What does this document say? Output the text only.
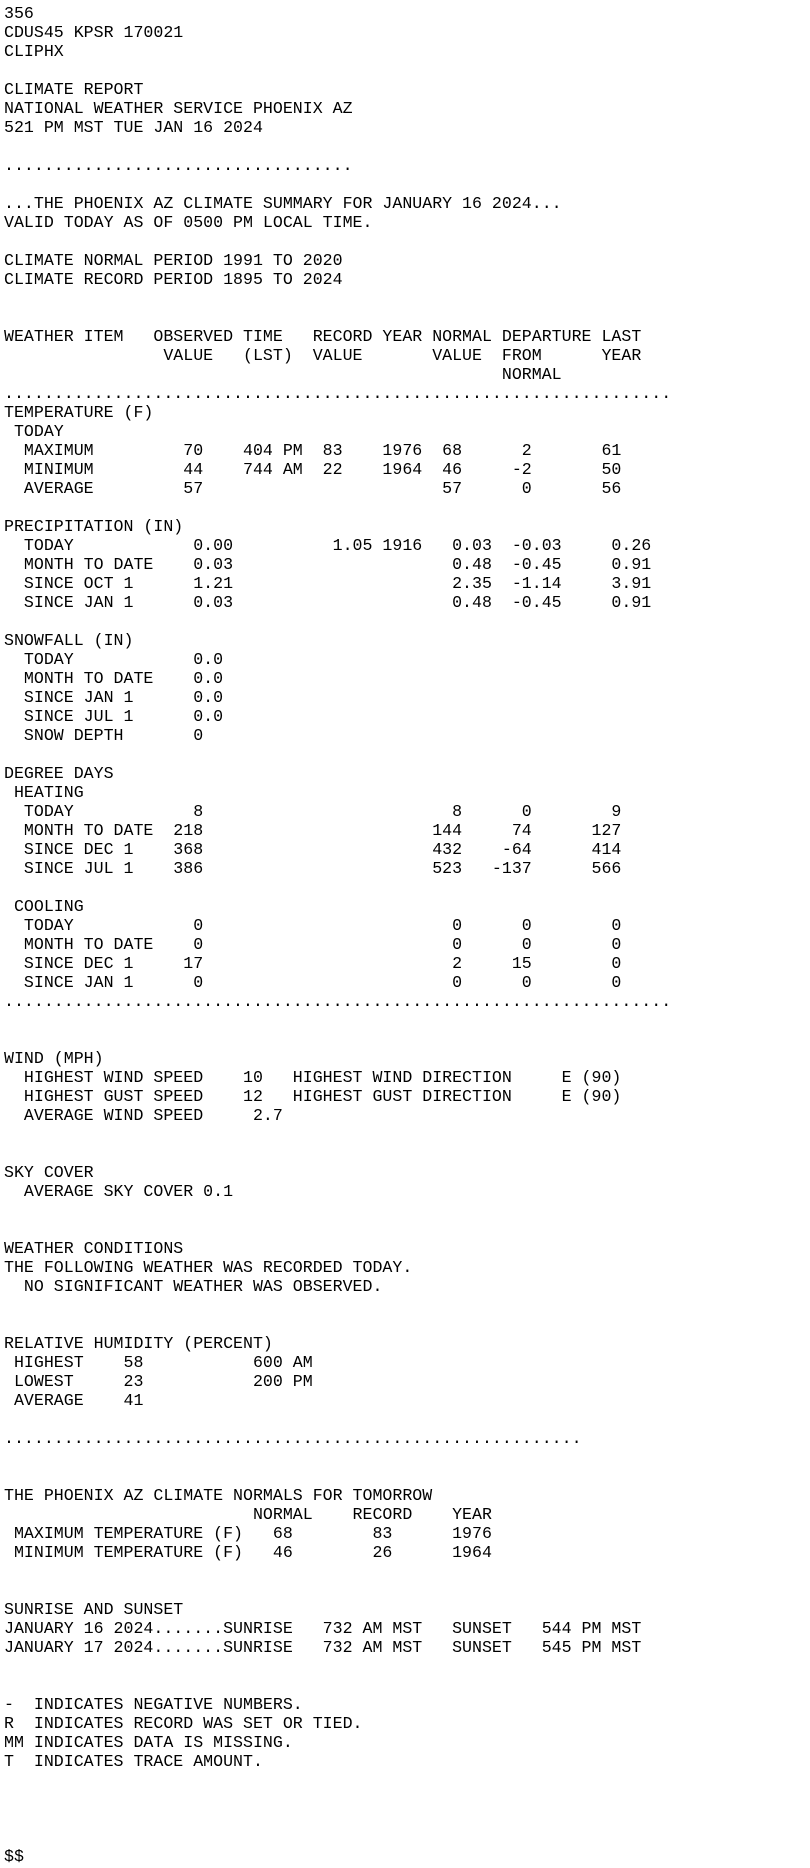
356
CDUS45 KPSR 170021
CLIPHX
CLIMATE REPORT
NATIONAL WEATHER SERVICE PHOENIX AZ
521 PM MST TUE JAN 16 2024
...................................
...THE PHOENIX AZ CLIMATE SUMMARY FOR JANUARY 16 2024...
VALID TODAY AS OF 0500 PM LOCAL TIME.
CLIMATE NORMAL PERIOD 1991 TO 2020
CLIMATE RECORD PERIOD 1895 TO 2024
WEATHER ITEM   OBSERVED TIME   RECORD YEAR NORMAL DEPARTURE LAST
VALUE   (LST)  VALUE       VALUE  FROM      YEAR
NORMAL
...................................................................
TEMPERATURE (F)
TODAY
MAXIMUM         70    404 PM  83    1976  68      2       61
MINIMUM         44    744 AM  22    1964  46     -2       50
AVERAGE         57                        57      0       56
PRECIPITATION (IN)
TODAY            0.00          1.05 1916   0.03  -0.03     0.26
MONTH TO DATE    0.03                      0.48  -0.45     0.91
SINCE OCT 1      1.21                      2.35  -1.14     3.91
SINCE JAN 1      0.03                      0.48  -0.45     0.91
SNOWFALL (IN)
TODAY            0.0
MONTH TO DATE    0.0
SINCE JAN 1      0.0
SINCE JUL 1      0.0
SNOW DEPTH       0
DEGREE DAYS
HEATING
TODAY            8                         8      0        9
MONTH TO DATE  218                       144     74      127
SINCE DEC 1    368                       432    -64      414
SINCE JUL 1    386                       523   -137      566
COOLING
TODAY            0                         0      0        0
MONTH TO DATE    0                         0      0        0
SINCE DEC 1     17                         2     15        0
SINCE JAN 1      0                         0      0        0
...................................................................
WIND (MPH)
HIGHEST WIND SPEED    10   HIGHEST WIND DIRECTION     E (90)
HIGHEST GUST SPEED    12   HIGHEST GUST DIRECTION     E (90)
AVERAGE WIND SPEED     2.7
SKY COVER
AVERAGE SKY COVER 0.1
WEATHER CONDITIONS
THE FOLLOWING WEATHER WAS RECORDED TODAY.
NO SIGNIFICANT WEATHER WAS OBSERVED.
RELATIVE HUMIDITY (PERCENT)
HIGHEST    58           600 AM
LOWEST     23           200 PM
AVERAGE    41
..........................................................
THE PHOENIX AZ CLIMATE NORMALS FOR TOMORROW
NORMAL    RECORD    YEAR
MAXIMUM TEMPERATURE (F)   68        83      1976
MINIMUM TEMPERATURE (F)   46        26      1964
SUNRISE AND SUNSET
JANUARY 16 2024.......SUNRISE   732 AM MST   SUNSET   544 PM MST
JANUARY 17 2024.......SUNRISE   732 AM MST   SUNSET   545 PM MST
-  INDICATES NEGATIVE NUMBERS.
R  INDICATES RECORD WAS SET OR TIED.
MM INDICATES DATA IS MISSING.
T  INDICATES TRACE AMOUNT.
$$
